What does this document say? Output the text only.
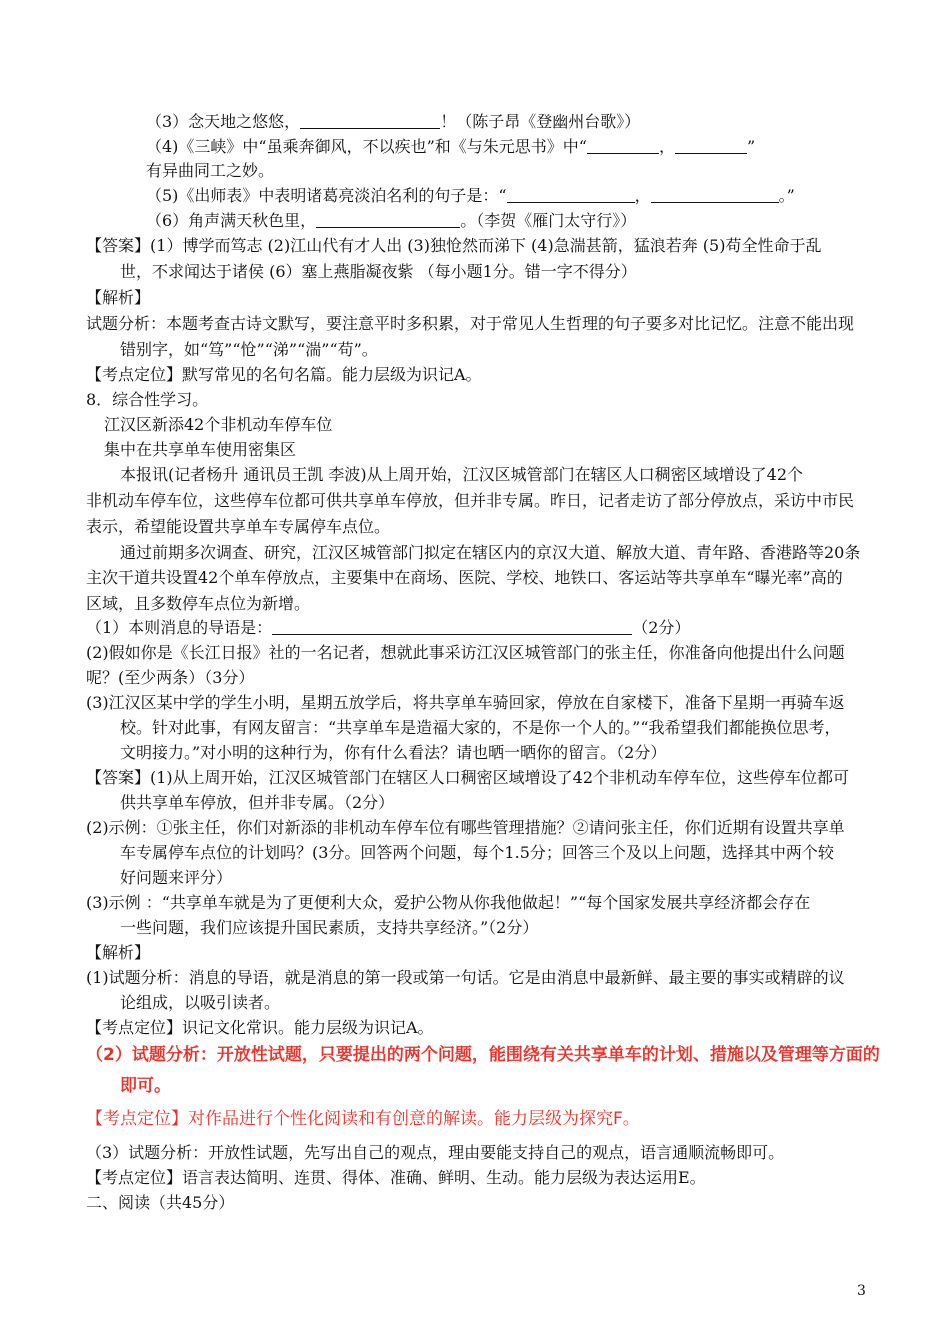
（3）念天地之悠悠，	！（陈子昂《登幽州台歌》）
（4)《三峡》中“虽乘奔御风，不以疾也”和《与朱元思书》中“	，	”
有异曲同工之妙。
（5)《出师表》中表明诸葛亮淡泊名利的句子是：“	，	。”
（6）角声满天秋色里，	。（李贺《雁门太守行》）
【答案】(1）博学而笃志 (2)江山代有才人出 (3)独怆然而涕下 (4)急湍甚箭，猛浪若奔 (5)苟全性命于乱
世，不求闻达于诸侯 (6）塞上燕脂凝夜紫 （每小题1分。错一字不得分）
【解析】
试题分析：本题考查古诗文默写，要注意平时多积累，对于常见人生哲理的句子要多对比记忆。注意不能出现
错别字，如“笃”“怆”“涕”“湍”“苟”。
【考点定位】默写常见的名句名篇。能力层级为识记A。
8．综合性学习。
江汉区新添42个非机动车停车位
集中在共享单车使用密集区
本报讯(记者杨升 通讯员王凯 李波)从上周开始，江汉区城管部门在辖区人口稠密区域增设了42个
非机动车停车位，这些停车位都可供共享单车停放，但并非专属。昨日，记者走访了部分停放点，采访中市民
表示，希望能设置共享单车专属停车点位。
通过前期多次调查、研究，江汉区城管部门拟定在辖区内的京汉大道、解放大道、青年路、香港路等20条
主次干道共设置42个单车停放点，主要集中在商场、医院、学校、地铁口、客运站等共享单车“曝光率”高的
区域，且多数停车点位为新增。
（1）本则消息的导语是：	（2分）
(2)假如你是《长江日报》社的一名记者，想就此事采访江汉区城管部门的张主任，你准备向他提出什么问题
呢？(至少两条）（3分）
(3)江汉区某中学的学生小明，星期五放学后，将共享单车骑回家，停放在自家楼下，准备下星期一再骑车返
校。针对此事，有网友留言：“共享单车是造福大家的，不是你一个人的。”“我希望我们都能换位思考，
文明接力。”对小明的这种行为，你有什么看法？请也晒一晒你的留言。（2分）
【答案】(1)从上周开始，江汉区城管部门在辖区人口稠密区域增设了42个非机动车停车位，这些停车位都可
供共享单车停放，但并非专属。（2分）
(2)示例：①张主任，你们对新添的非机动车停车位有哪些管理措施？②请问张主任，你们近期有设置共享单
车专属停车点位的计划吗？(3分。回答两个问题，每个1.5分；回答三个及以上问题，选择其中两个较
好问题来评分）
(3)示例 ：“共享单车就是为了更便利大众，爱护公物从你我他做起！”“每个国家发展共享经济都会存在
一些问题，我们应该提升国民素质，支持共享经济。”（2分）
【解析】
(1)试题分析：消息的导语，就是消息的第一段或第一句话。它是由消息中最新鲜、最主要的事实或精辟的议
论组成，以吸引读者。
【考点定位】识记文化常识。能力层级为识记A。
（2）试题分析：开放性试题，只要提出的两个问题，能围绕有关共享单车的计划、措施以及管理等方面的
即可。
【考点定位】对作品进行个性化阅读和有创意的解读。能力层级为探究F。
（3）试题分析：开放性试题，先写出自己的观点，理由要能支持自己的观点，语言通顺流畅即可。
【考点定位】语言表达简明、连贯、得体、准确、鲜明、生动。能力层级为表达运用E。
二、阅读（共45分）
3
